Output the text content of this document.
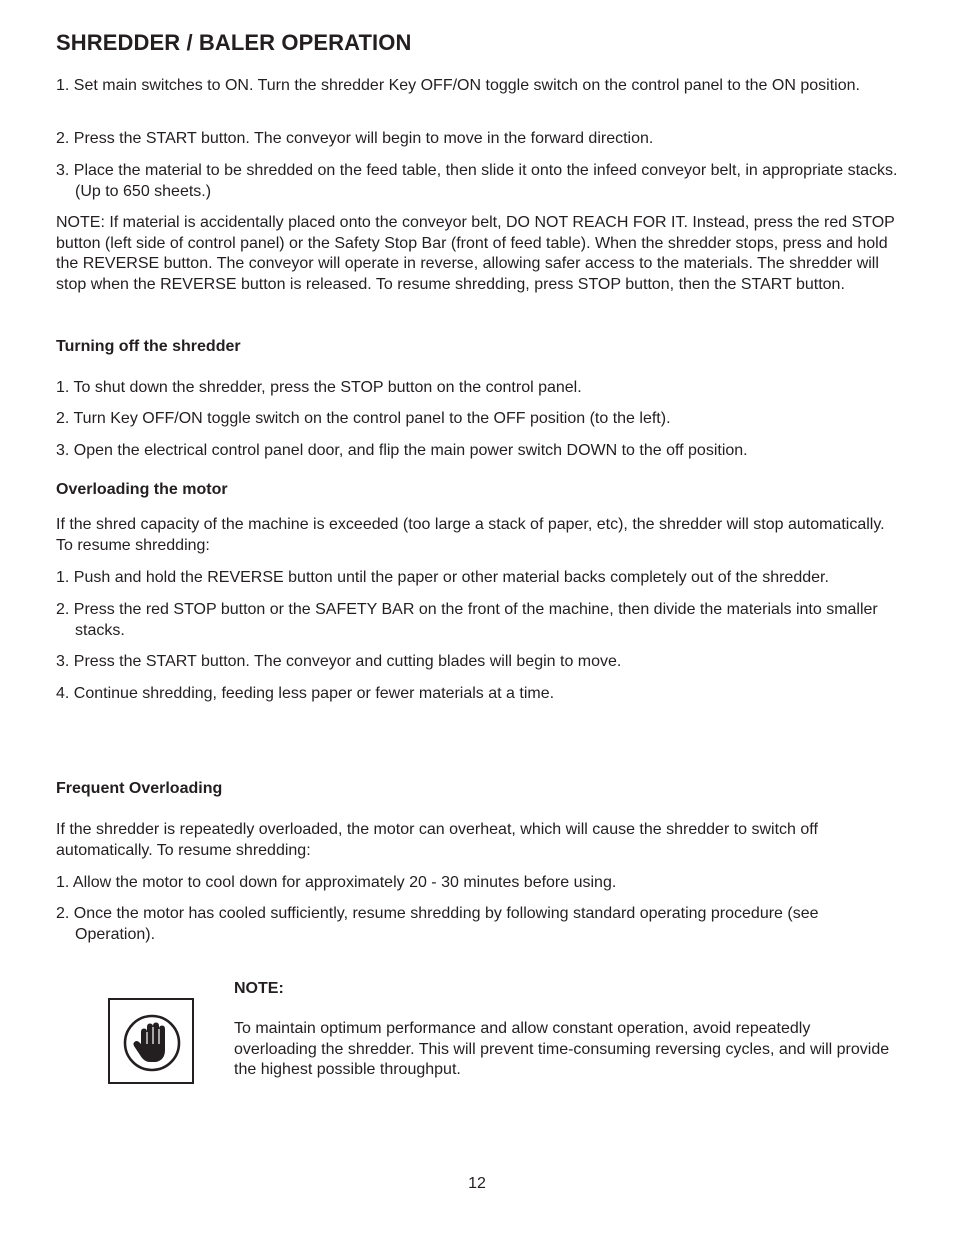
SHREDDER / BALER OPERATION
1. Set main switches to ON. Turn the shredder Key OFF/ON toggle switch on the control panel to the ON position.
2. Press the START button. The conveyor will begin to move in the forward direction.
3. Place the material to be shredded on the feed table, then slide it onto the infeed conveyor belt, in appropriate stacks. (Up to 650 sheets.)
NOTE: If material is accidentally placed onto the conveyor belt, DO NOT REACH FOR IT. Instead, press the red STOP button (left side of control panel) or the Safety Stop Bar (front of feed table). When the shredder stops, press and hold the REVERSE button. The conveyor will operate in reverse, allowing safer access to the materials. The shredder will stop when the REVERSE button is released. To resume shredding, press STOP button, then the START button.
Turning off the shredder
1. To shut down the shredder, press the STOP button on the control panel.
2. Turn Key OFF/ON toggle switch on the control panel to the OFF position (to the left).
3. Open the electrical control panel door, and flip the main power switch DOWN to the off position.
Overloading the motor
If the shred capacity of the machine is exceeded (too large a stack of paper, etc), the shredder will stop automatically. To resume shredding:
1. Push and hold the REVERSE button until the paper or other material backs completely out of the shredder.
2. Press the red STOP button or the SAFETY BAR on the front of the machine, then divide the materials into smaller stacks.
3. Press the START button. The conveyor and cutting blades will begin to move.
4. Continue shredding, feeding less paper or fewer materials at a time.
Frequent Overloading
If the shredder is repeatedly overloaded, the motor can overheat, which will cause the shredder to switch off automatically. To resume shredding:
1. Allow the motor to cool down for approximately 20 - 30 minutes before using.
2. Once the motor has cooled sufficiently, resume shredding by following standard operating procedure (see Operation).
NOTE:
To maintain optimum performance and allow constant operation, avoid repeatedly overloading the shredder. This will prevent time-consuming reversing cycles, and will provide the highest possible throughput.
12
